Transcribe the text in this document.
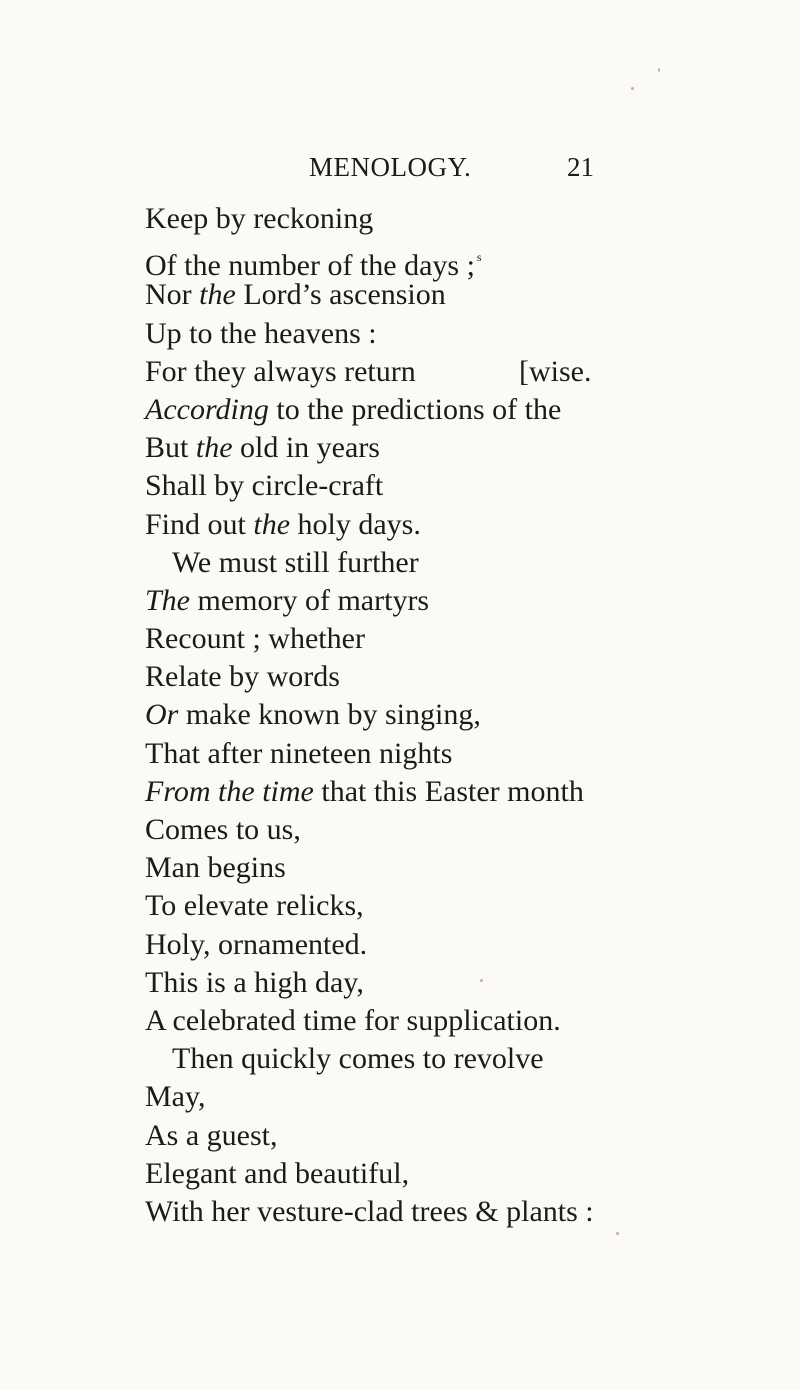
MENOLOGY.	21
Keep by reckoning
Of the number of the days ; $^s$
Nor the Lord’s ascension
Up to the heavens :
For they always return	[wise.
According to the predictions of the
But the old in years
Shall by circle-craft
Find out the holy days.
We must still further
The memory of martyrs
Recount ; whether
Relate by words
Or make known by singing,
That after nineteen nights
From the time that this Easter month
Comes to us,
Man begins
To elevate relicks,
Holy, ornamented.
This is a high day,
A celebrated time for supplication.
Then quickly comes to revolve
May,
As a guest,
Elegant and beautiful,
With her vesture-clad trees & plants :
